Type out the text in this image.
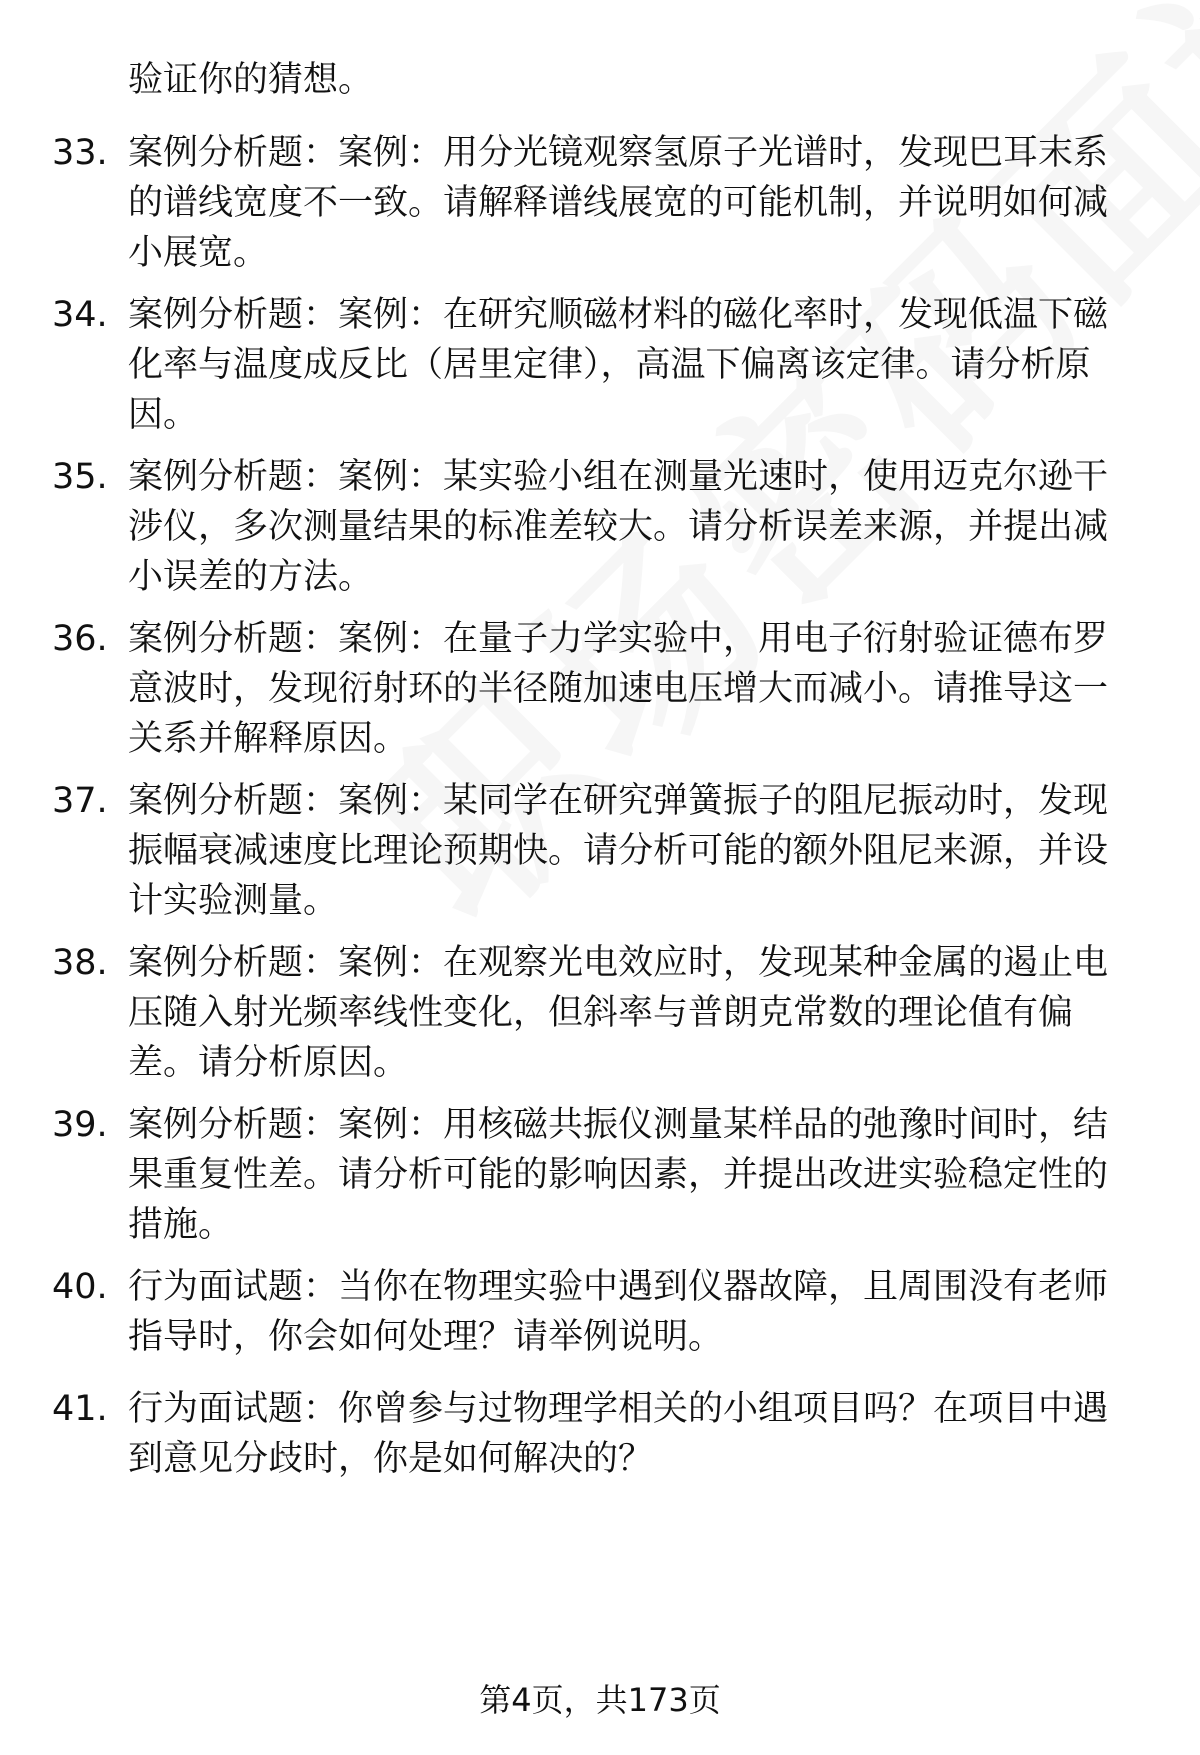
验证你的猜想。
33. 案例分析题：案例：用分光镜观察氢原子光谱时，发现巴耳末系
的谱线宽度不一致。请解释谱线展宽的可能机制，并说明如何减
小展宽。
34. 案例分析题：案例：在研究顺磁材料的磁化率时，发现低温下磁
化率与温度成反比（居里定律），高温下偏离该定律。请分析原
因。
35. 案例分析题：案例：某实验小组在测量光速时，使用迈克尔逊干
涉仪，多次测量结果的标准差较大。请分析误差来源，并提出减
小误差的方法。
36. 案例分析题：案例：在量子力学实验中，用电子衍射验证德布罗
意波时，发现衍射环的半径随加速电压增大而减小。请推导这一
关系并解释原因。
37. 案例分析题：案例：某同学在研究弹簧振子的阻尼振动时，发现
振幅衰减速度比理论预期快。请分析可能的额外阻尼来源，并设
计实验测量。
38. 案例分析题：案例：在观察光电效应时，发现某种金属的遏止电
压随入射光频率线性变化，但斜率与普朗克常数的理论值有偏
差。请分析原因。
39. 案例分析题：案例：用核磁共振仪测量某样品的弛豫时间时，结
果重复性差。请分析可能的影响因素，并提出改进实验稳定性的
措施。
40. 行为面试题：当你在物理实验中遇到仪器故障，且周围没有老师
指导时，你会如何处理？请举例说明。
41. 行为面试题：你曾参与过物理学相关的小组项目吗？在项目中遇
到意见分歧时，你是如何解决的？
第4页，共173页
